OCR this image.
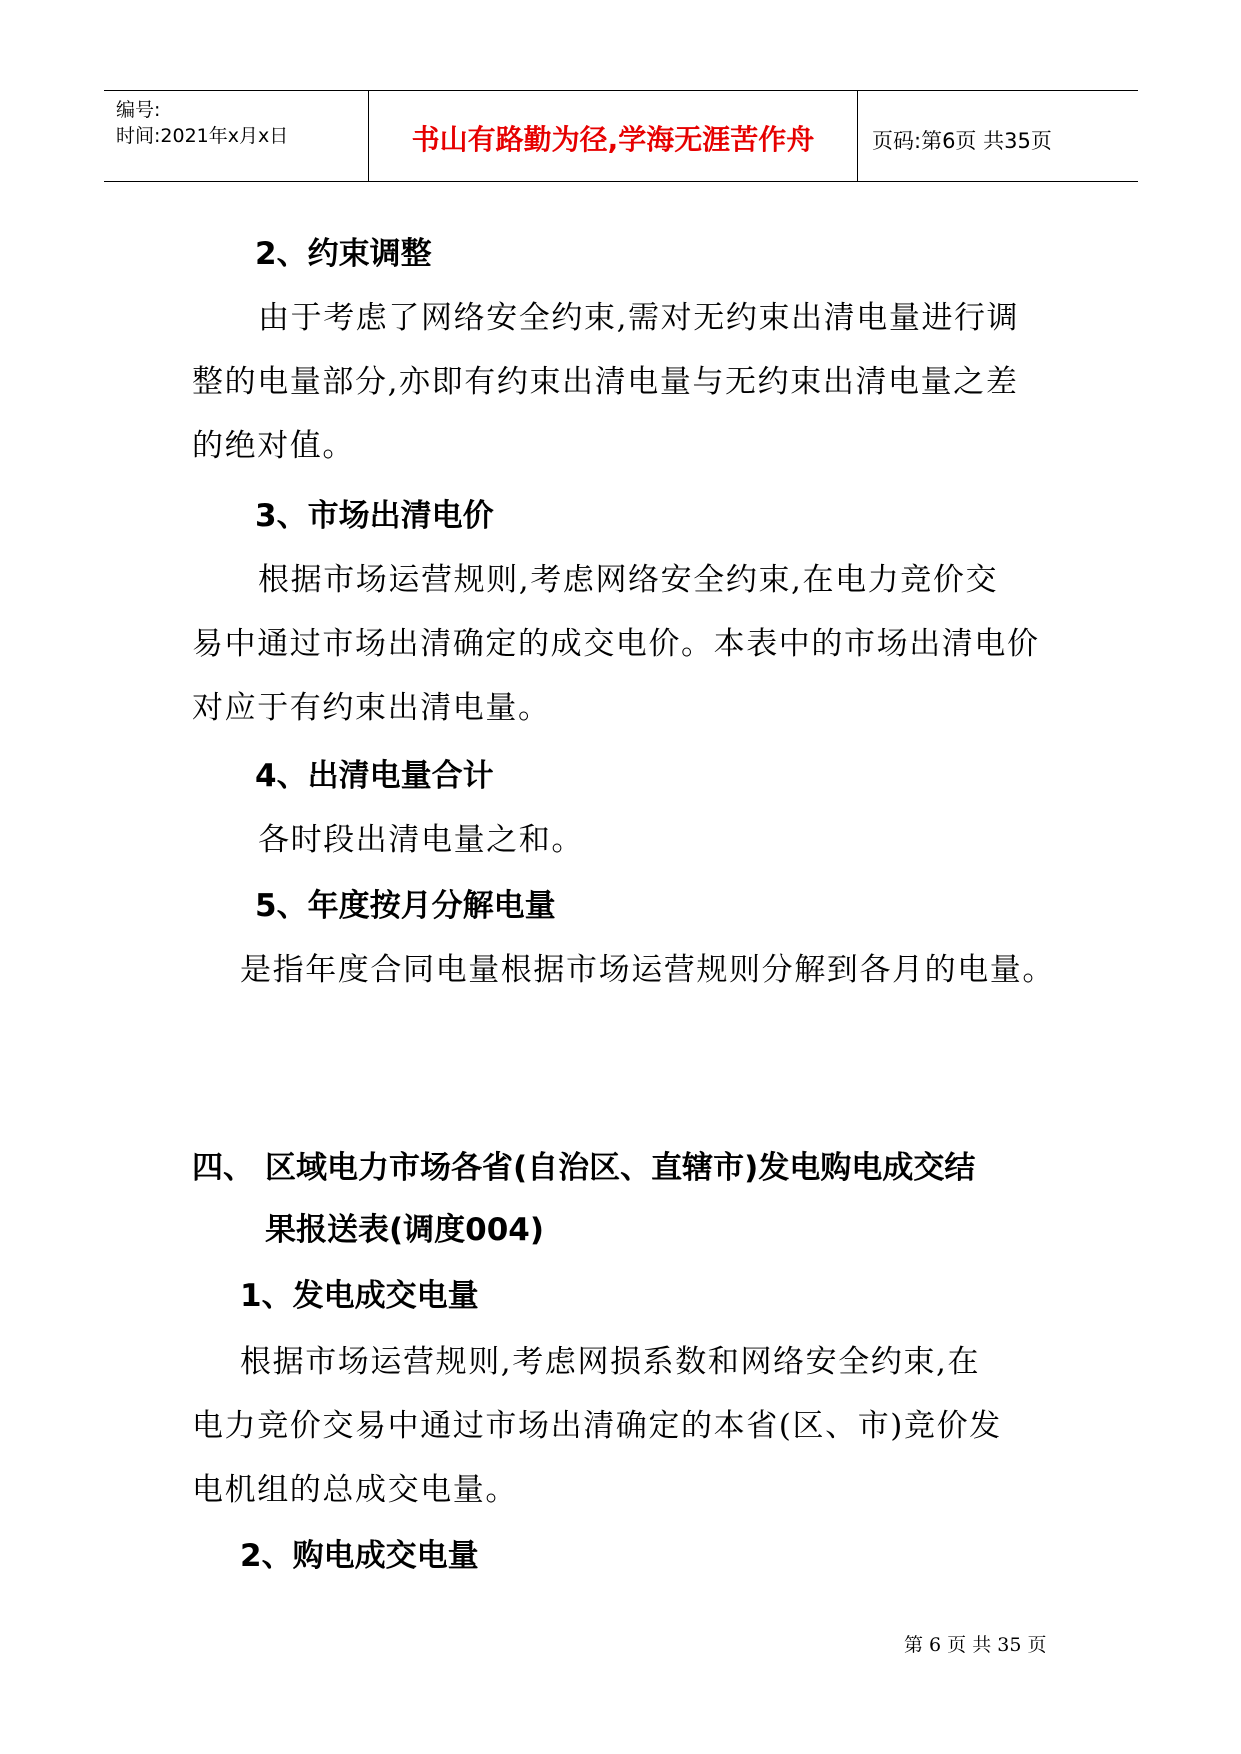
编号:
时间:2021年x月x日	书山有路勤为径,学海无涯苦作舟	页码:第6页 共35页
2、约束调整
由于考虑了网络安全约束,需对无约束出清电量进行调
整的电量部分,亦即有约束出清电量与无约束出清电量之差
的绝对值。
3、市场出清电价
根据市场运营规则,考虑网络安全约束,在电力竞价交
易中通过市场出清确定的成交电价。本表中的市场出清电价
对应于有约束出清电量。
4、出清电量合计
各时段出清电量之和。
5、年度按月分解电量
是指年度合同电量根据市场运营规则分解到各月的电量。
四、 区域电力市场各省(自治区、直辖市)发电购电成交结
果报送表(调度004)
1、发电成交电量
根据市场运营规则,考虑网损系数和网络安全约束,在
电力竞价交易中通过市场出清确定的本省(区、市)竞价发
电机组的总成交电量。
2、购电成交电量
第 6 页 共 35 页
